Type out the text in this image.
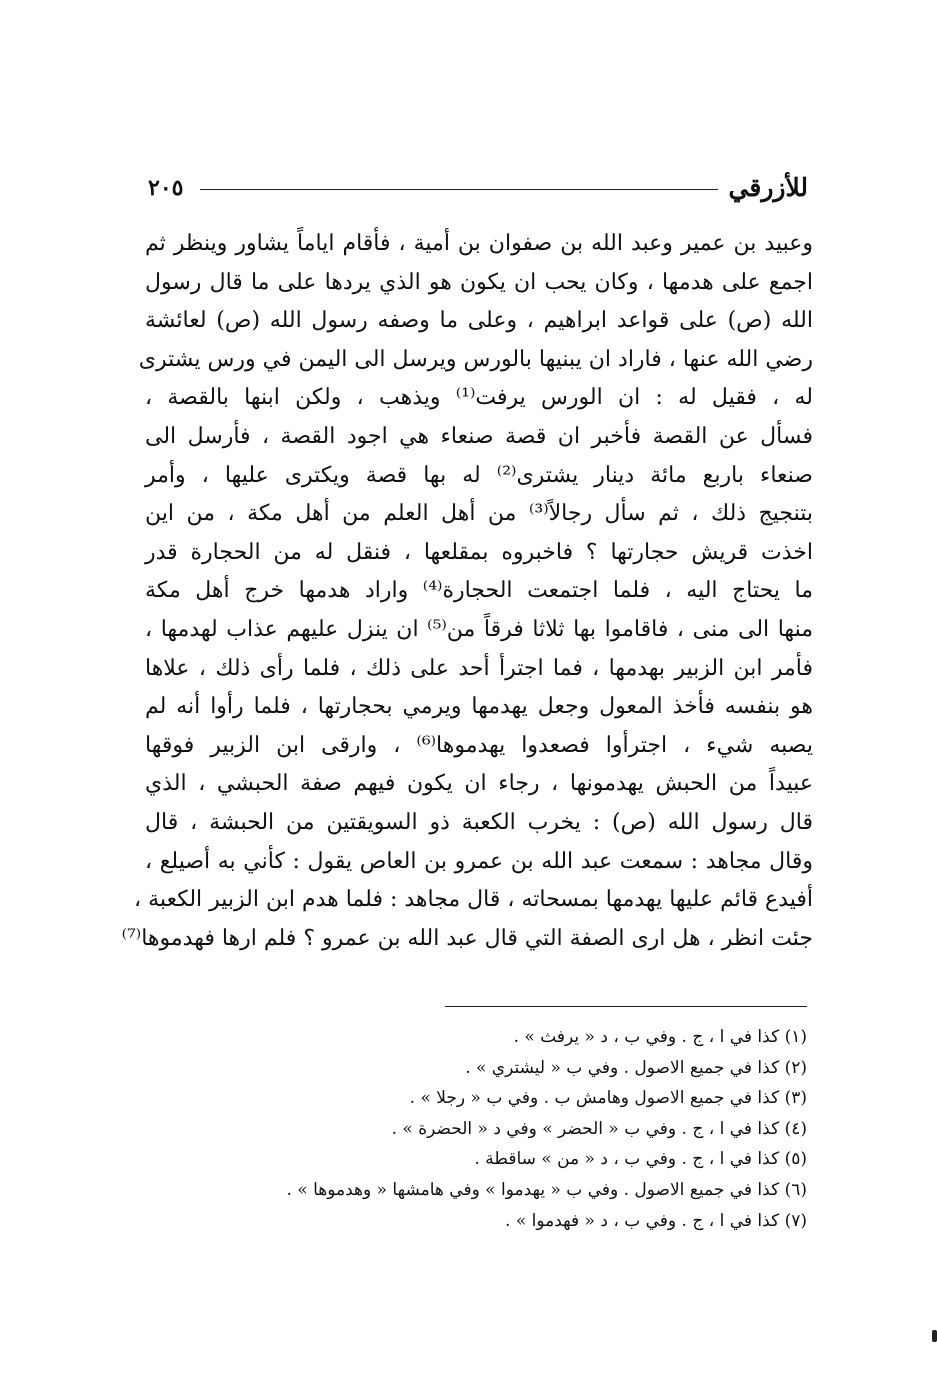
للأزرقي
٢٠٥
وعبيد بن عمير وعبد الله بن صفوان بن أمية ، فأقام اياماً يشاور وينظر ثم
اجمع على هدمها ، وكان يحب ان يكون هو الذي يردها على ما قال رسول
الله (ص) على قواعد ابراهيم ، وعلى ما وصفه رسول الله (ص) لعائشة
رضي الله عنها ، فاراد ان يبنيها بالورس ويرسل الى اليمن في ورس يشترى
له ، فقيل له : ان الورس يرفت⁽¹⁾ ويذهب ، ولكن ابنها بالقصة ،
فسأل عن القصة فأخبر ان قصة صنعاء هي اجود القصة ، فأرسل الى
صنعاء باربع مائة دينار يشترى⁽²⁾ له بها قصة ويكترى عليها ، وأمر
بتنجيج ذلك ، ثم سأل رجالاً⁽³⁾ من أهل العلم من أهل مكة ، من اين
اخذت قريش حجارتها ؟ فاخبروه بمقلعها ، فنقل له من الحجارة قدر
ما يحتاج اليه ، فلما اجتمعت الحجارة⁽⁴⁾ واراد هدمها خرج أهل مكة
منها الى منى ، فاقاموا بها ثلاثا فرقاً من⁽⁵⁾ ان ينزل عليهم عذاب لهدمها ،
فأمر ابن الزبير بهدمها ، فما اجترأ أحد على ذلك ، فلما رأى ذلك ، علاها
هو بنفسه فأخذ المعول وجعل يهدمها ويرمي بحجارتها ، فلما رأوا أنه لم
يصبه شيء ، اجترأوا فصعدوا يهدموها⁽⁶⁾ ، وارقى ابن الزبير فوقها
عبيداً من الحبش يهدمونها ، رجاء ان يكون فيهم صفة الحبشي ، الذي
قال رسول الله (ص) : يخرب الكعبة ذو السويقتين من الحبشة ، قال
وقال مجاهد : سمعت عبد الله بن عمرو بن العاص يقول : كأني به أصيلع ،
أفيدع قائم عليها يهدمها بمسحاته ، قال مجاهد : فلما هدم ابن الزبير الكعبة ،
جئت انظر ، هل ارى الصفة التي قال عبد الله بن عمرو ؟ فلم ارها فهدموها⁽⁷⁾
(١) كذا في ا ، ج . وفي ب ، د « يرفث » .
(٢) كذا في جميع الاصول . وفي ب « ليشتري » .
(٣) كذا في جميع الاصول وهامش ب . وفي ب « رجلا » .
(٤) كذا في ا ، ج . وفي ب « الحضر » وفي د « الحضرة » .
(٥) كذا في ا ، ج . وفي ب ، د « من » ساقطة .
(٦) كذا في جميع الاصول . وفي ب « يهدموا » وفي هامشها « وهدموها » .
(٧) كذا في ا ، ج . وفي ب ، د « فهدموا » .
